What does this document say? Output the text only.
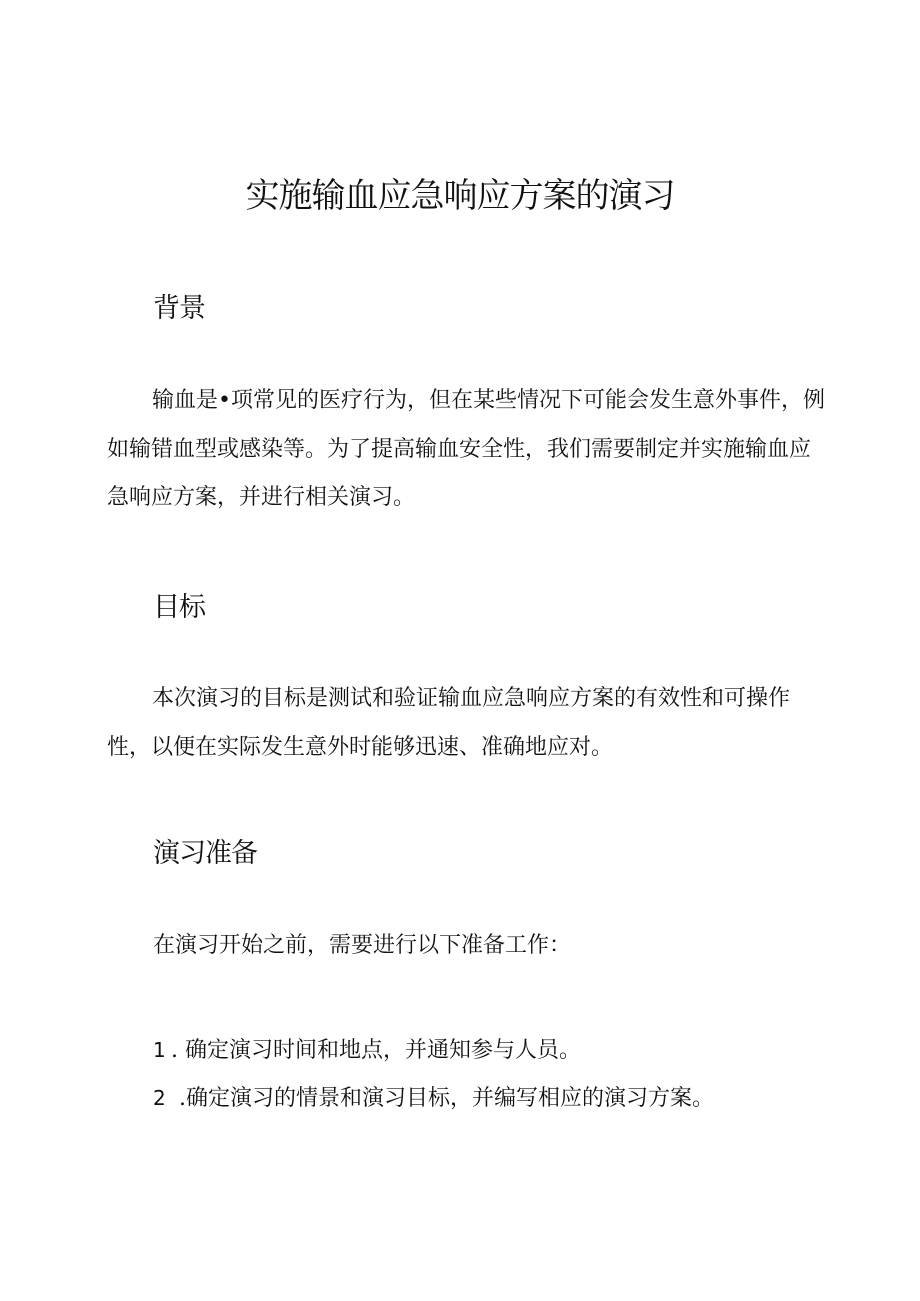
实施输血应急响应方案的演习
背景

输血是•项常见的医疗行为，但在某些情况下可能会发生意外事件，例如输错血型或感染等。为了提高输血安全性，我们需要制定并实施输血应急响应方案，并进行相关演习。

目标

本次演习的目标是测试和验证输血应急响应方案的有效性和可操作性，以便在实际发生意外时能够迅速、准确地应对。

演习准备

在演习开始之前，需要进行以下准备工作：

1 . 确定演习时间和地点，并通知参与人员。
2 .确定演习的情景和演习目标，并编写相应的演习方案。
